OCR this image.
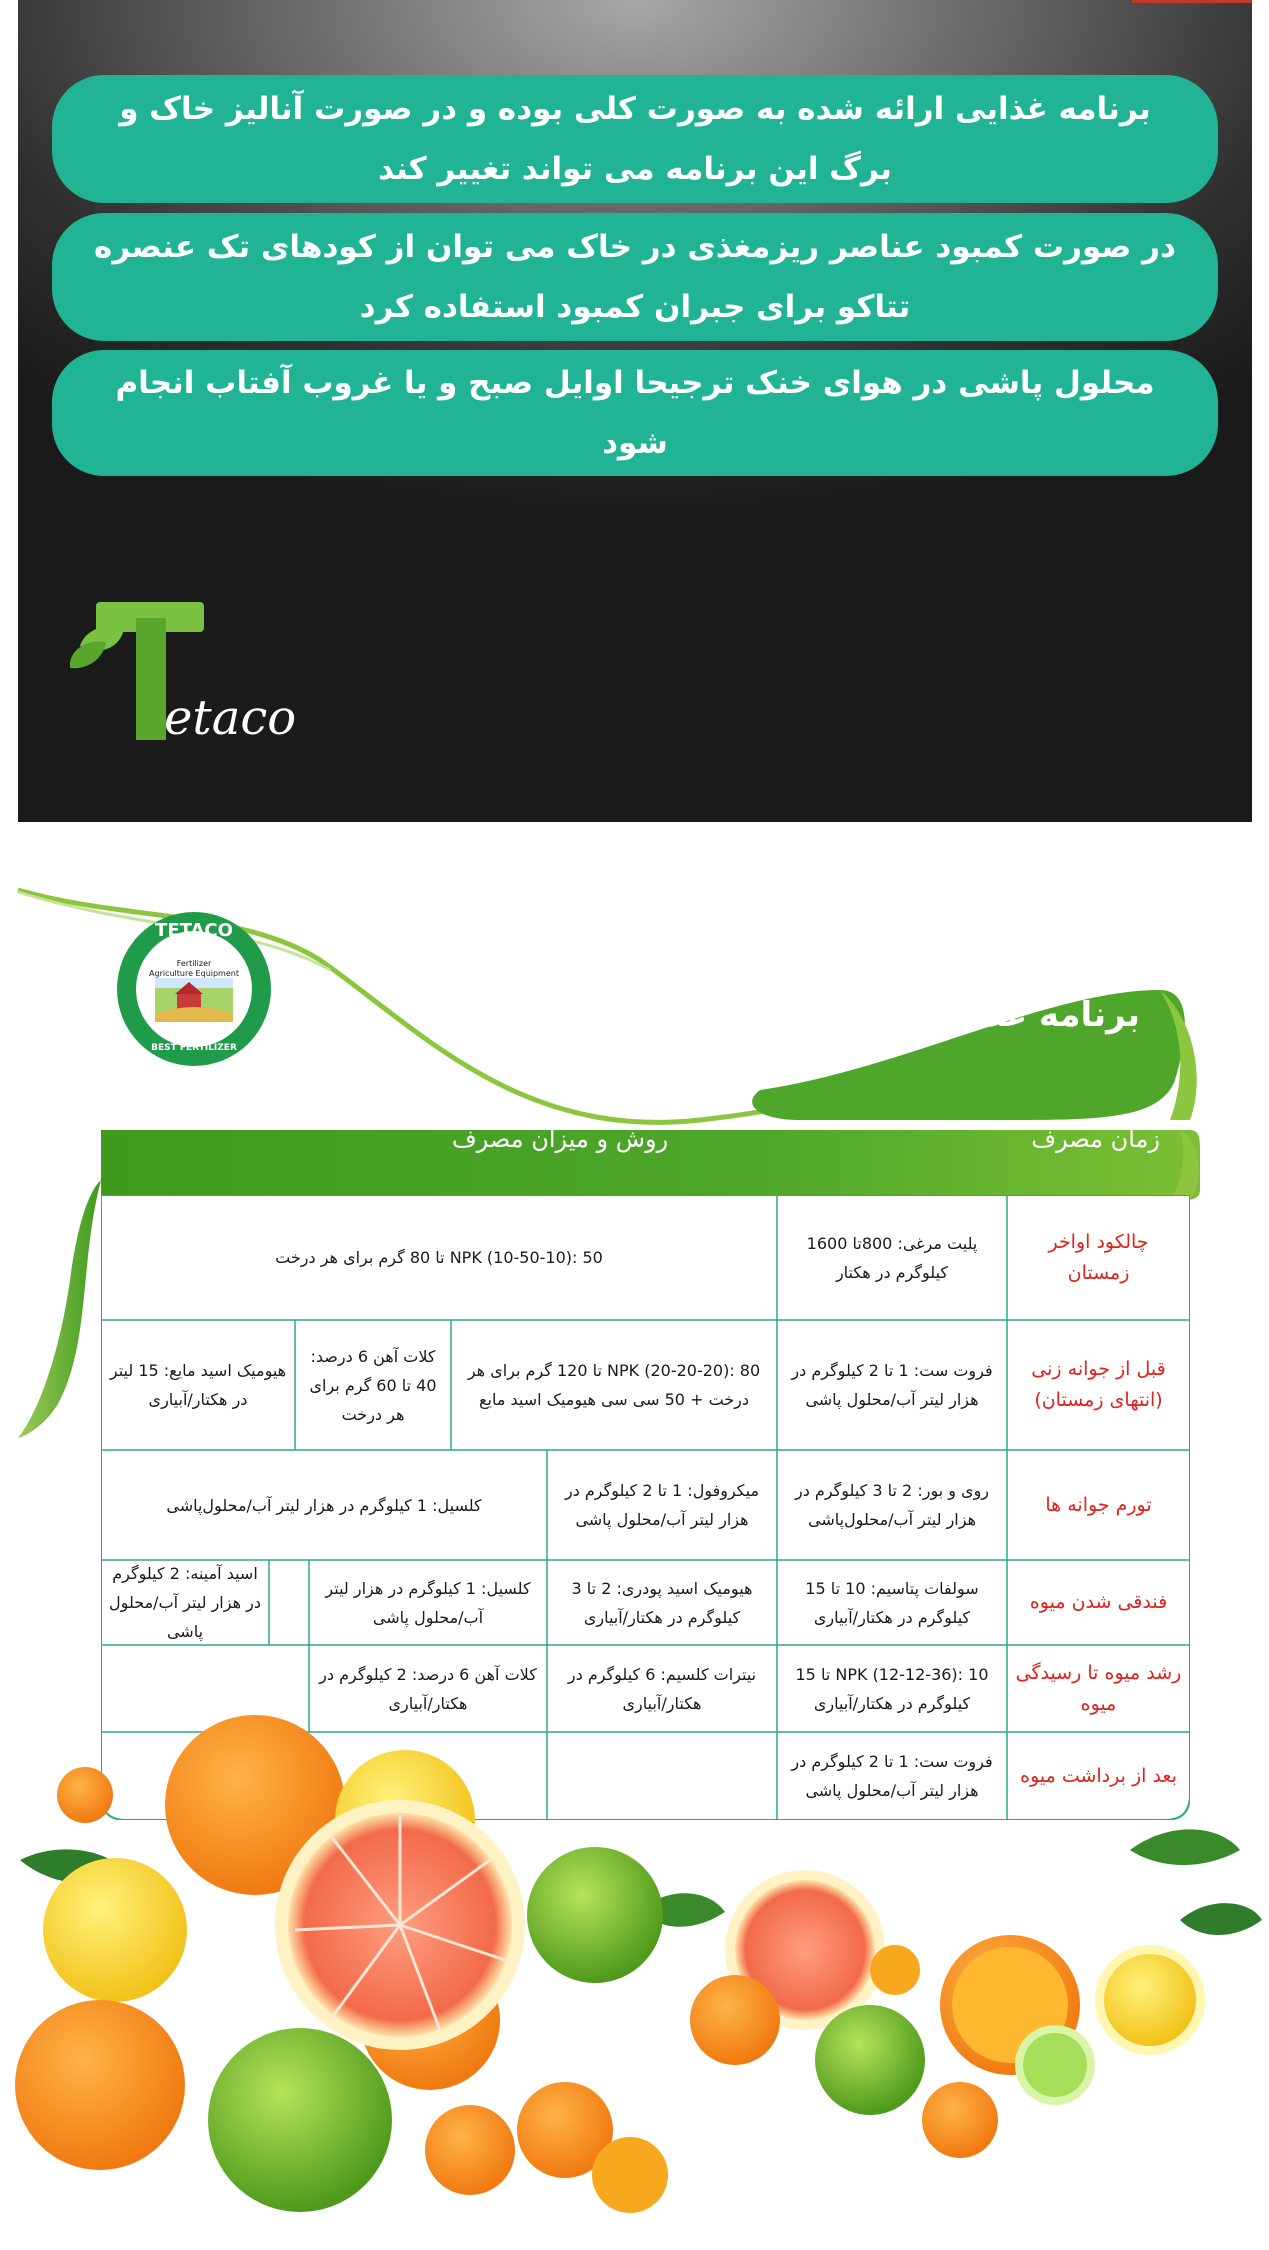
برنامه غذایی ارائه شده به صورت کلی بوده و در صورت آنالیز خاک و برگ این برنامه می تواند تغییر کند
در صورت کمبود عناصر ریزمغذی در خاک می توان از کودهای تک عنصره تتاکو برای جبران کمبود استفاده کرد
محلول پاشی در هوای خنک ترجیحا اوایل صبح و یا غروب آفتاب انجام شود
etaco
TETACO
Fertilizer
Agriculture Equipment
BEST FERTILIZER
برنامه غذایی مرکبات
زمان مصرف
روش و میزان مصرف
چالکود اواخر زمستان
پلیت مرغی: 800تا 1600 کیلوگرم در هکتار
NPK (10-50-10): 50 تا 80 گرم برای هر درخت
قبل از جوانه زنی (انتهای زمستان)
فروت ست: 1 تا 2 کیلوگرم در هزار لیتر آب/محلول پاشی
NPK (20-20-20): 80 تا 120 گرم برای هر درخت + 50 سی سی هیومیک اسید مایع
کلات آهن 6 درصد: 40 تا 60 گرم برای هر درخت
هیومیک اسید مایع: 15 لیتر در هکتار/آبیاری
تورم جوانه ها
روی و بور: 2 تا 3 کیلوگرم در هزار لیتر آب/محلول‌پاشی
میکروفول: 1 تا 2 کیلوگرم در هزار لیتر آب/محلول پاشی
کلسیل: 1 کیلوگرم در هزار لیتر آب/محلول‌پاشی
فندقی شدن میوه
سولفات پتاسیم: 10 تا 15 کیلوگرم در هکتار/آبیاری
هیومیک اسید پودری: 2 تا 3 کیلوگرم در هکتار/آبیاری
کلسیل: 1 کیلوگرم در هزار لیتر آب/محلول پاشی
اسید آمینه: 2 کیلوگرم در هزار لیتر آب/محلول پاشی
رشد میوه تا رسیدگی میوه
NPK (12-12-36): 10 تا 15 کیلوگرم در هکتار/آبیاری
نیترات کلسیم: 6 کیلوگرم در هکتار/آبیاری
کلات آهن 6 درصد: 2 کیلوگرم در هکتار/آبیاری
بعد از برداشت میوه
فروت ست: 1 تا 2 کیلوگرم در هزار لیتر آب/محلول پاشی
